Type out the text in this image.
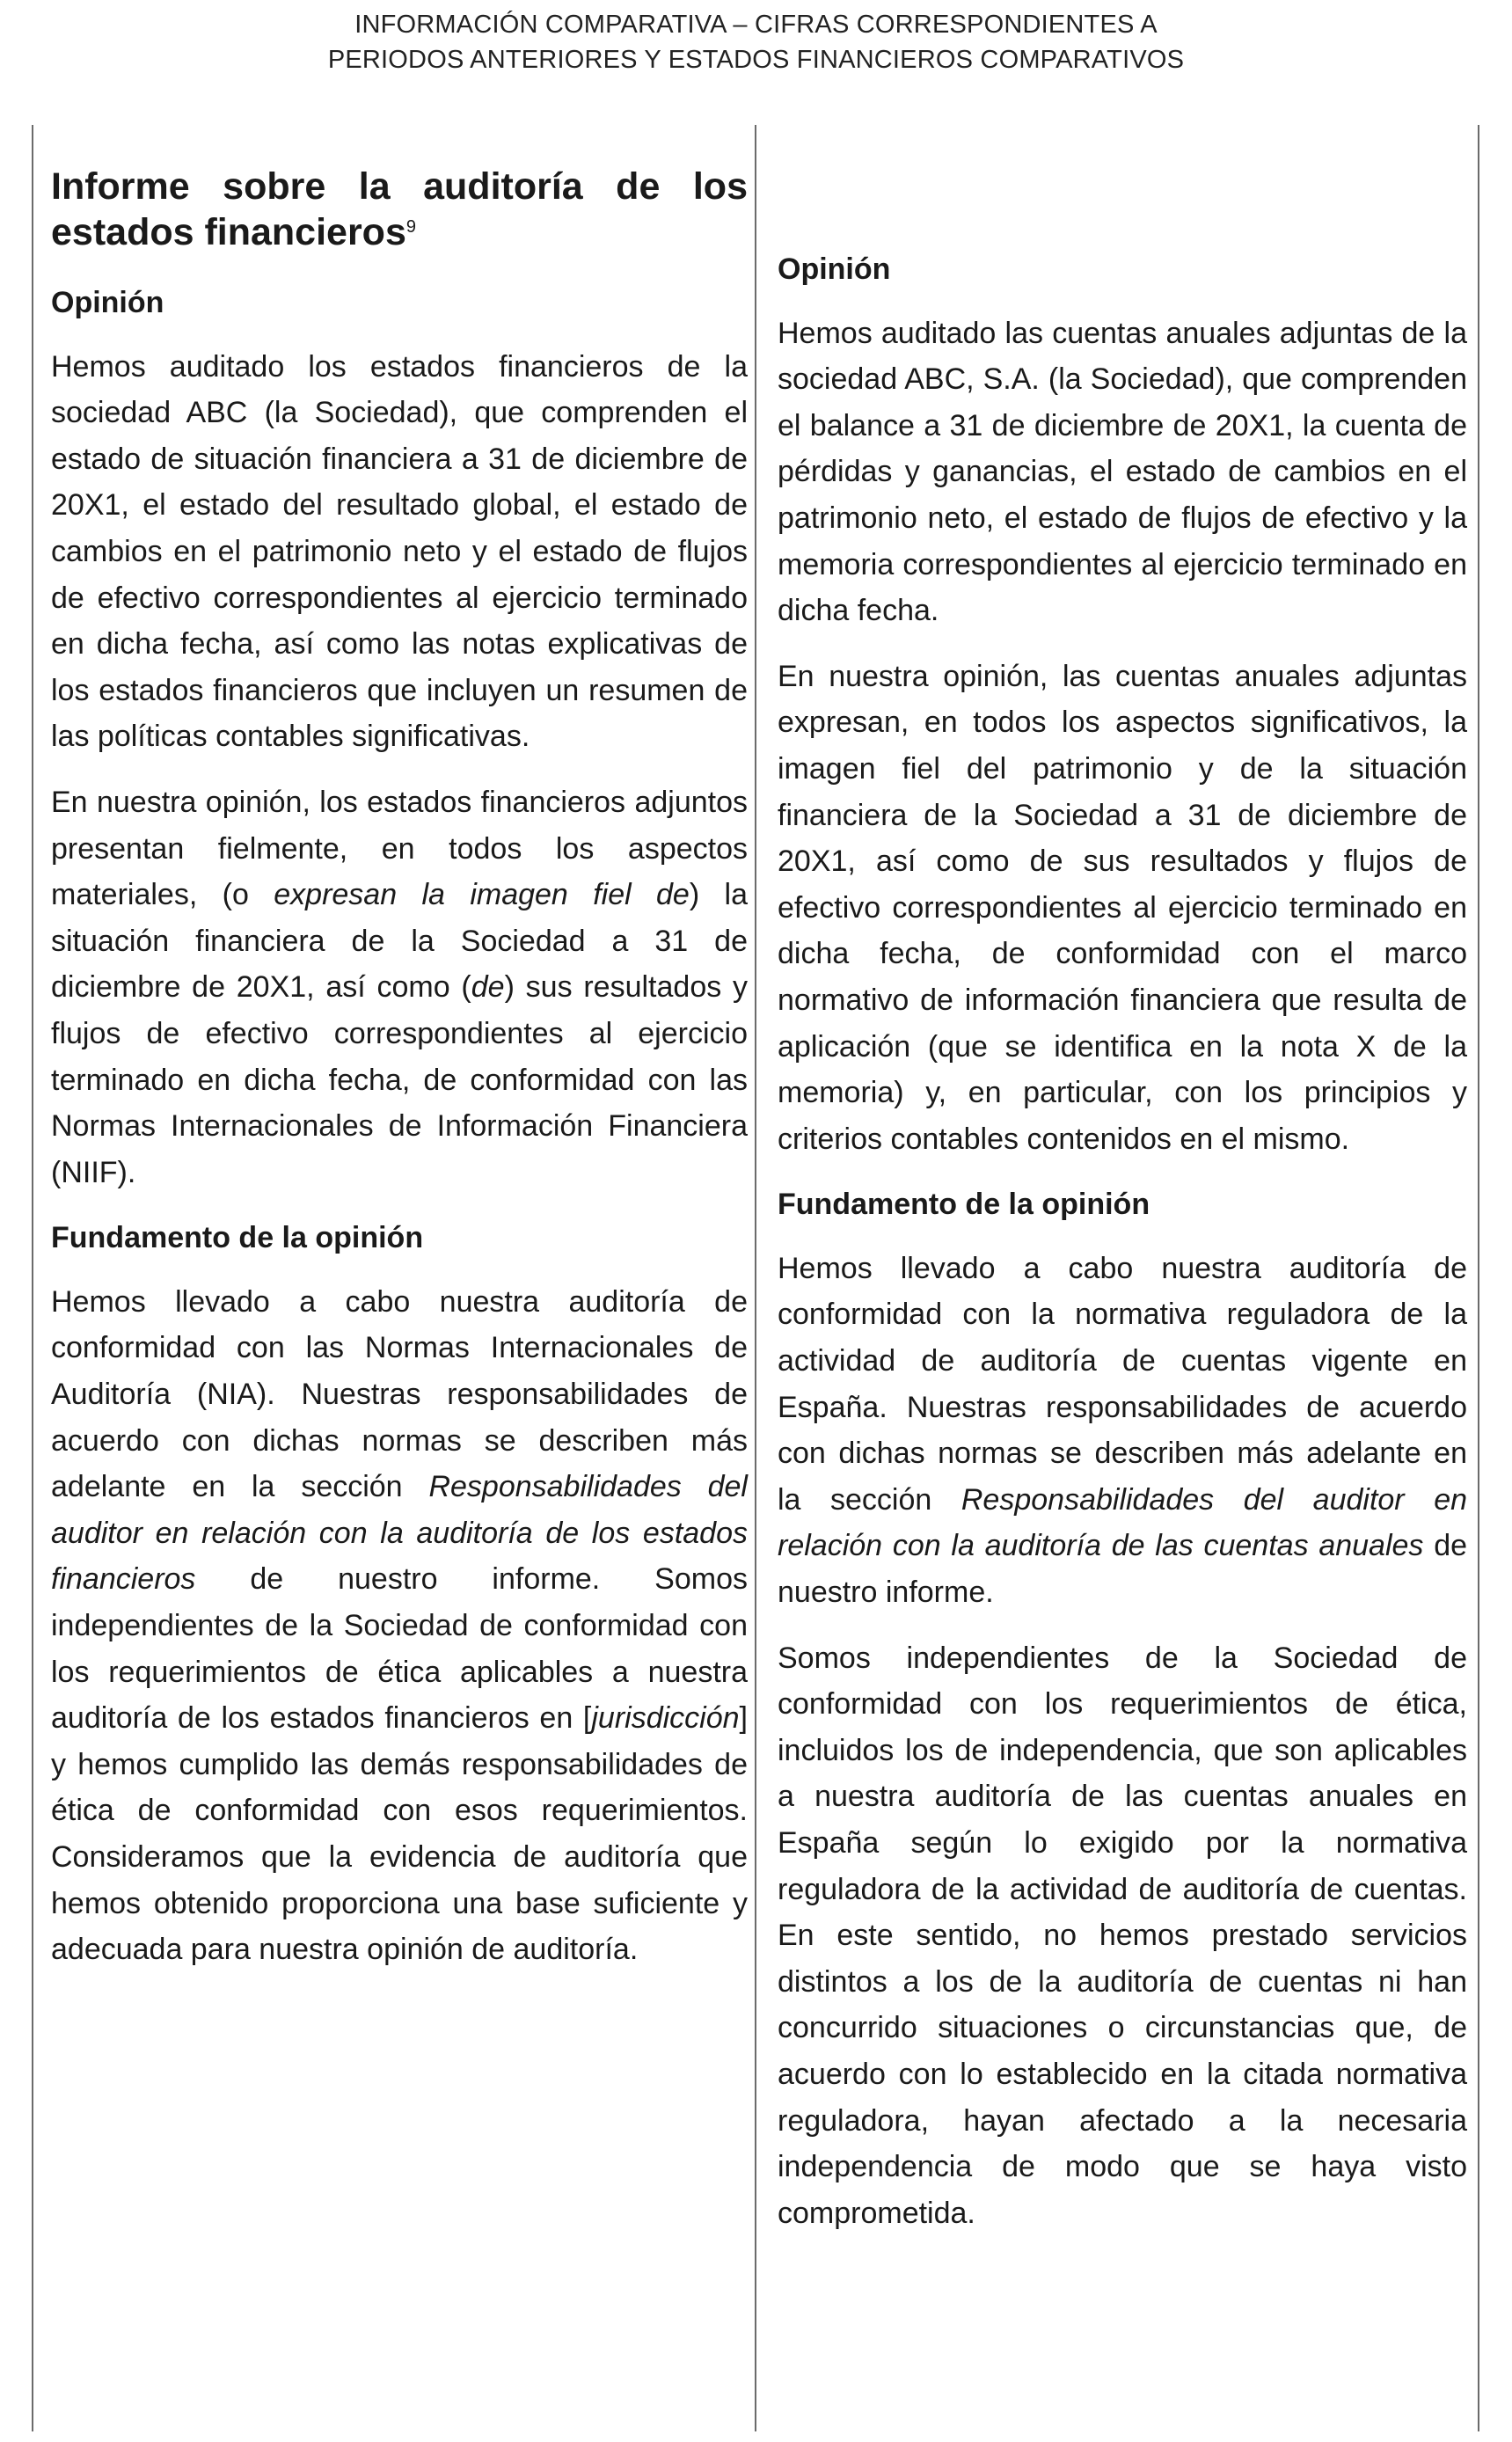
INFORMACIÓN COMPARATIVA – CIFRAS CORRESPONDIENTES A
PERIODOS ANTERIORES Y ESTADOS FINANCIEROS COMPARATIVOS
Informe sobre la auditoría de los estados financieros$^9$
Opinión

Hemos auditado los estados financieros de la sociedad ABC (la Sociedad), que comprenden el estado de situación financiera a 31 de diciembre de 20X1, el estado del resultado global, el estado de cambios en el patrimonio neto y el estado de flujos de efectivo correspondientes al ejercicio terminado en dicha fecha, así como las notas explicativas de los estados financieros que incluyen un resumen de las políticas contables significativas.

En nuestra opinión, los estados financieros adjuntos presentan fielmente, en todos los aspectos materiales, (o expresan la imagen fiel de) la situación financiera de la Sociedad a 31 de diciembre de 20X1, así como (de) sus resultados y flujos de efectivo correspondientes al ejercicio terminado en dicha fecha, de conformidad con las Normas Internacionales de Información Financiera (NIIF).

Fundamento de la opinión

Hemos llevado a cabo nuestra auditoría de conformidad con las Normas Internacionales de Auditoría (NIA). Nuestras responsabilidades de acuerdo con dichas normas se describen más adelante en la sección Responsabilidades del auditor en relación con la auditoría de los estados financieros de nuestro informe. Somos independientes de la Sociedad de conformidad con los requerimientos de ética aplicables a nuestra auditoría de los estados financieros en [jurisdicción] y hemos cumplido las demás responsabilidades de ética de conformidad con esos requerimientos. Consideramos que la evidencia de auditoría que hemos obtenido proporciona una base suficiente y adecuada para nuestra opinión de auditoría.

Opinión

Hemos auditado las cuentas anuales adjuntas de la sociedad ABC, S.A. (la Sociedad), que comprenden el balance a 31 de diciembre de 20X1, la cuenta de pérdidas y ganancias, el estado de cambios en el patrimonio neto, el estado de flujos de efectivo y la memoria correspondientes al ejercicio terminado en dicha fecha.

En nuestra opinión, las cuentas anuales adjuntas expresan, en todos los aspectos significativos, la imagen fiel del patrimonio y de la situación financiera de la Sociedad a 31 de diciembre de 20X1, así como de sus resultados y flujos de efectivo correspondientes al ejercicio terminado en dicha fecha, de conformidad con el marco normativo de información financiera que resulta de aplicación (que se identifica en la nota X de la memoria) y, en particular, con los principios y criterios contables contenidos en el mismo.

Fundamento de la opinión

Hemos llevado a cabo nuestra auditoría de conformidad con la normativa reguladora de la actividad de auditoría de cuentas vigente en España. Nuestras responsabilidades de acuerdo con dichas normas se describen más adelante en la sección Responsabilidades del auditor en relación con la auditoría de las cuentas anuales de nuestro informe.

Somos independientes de la Sociedad de conformidad con los requerimientos de ética, incluidos los de independencia, que son aplicables a nuestra auditoría de las cuentas anuales en España según lo exigido por la normativa reguladora de la actividad de auditoría de cuentas. En este sentido, no hemos prestado servicios distintos a los de la auditoría de cuentas ni han concurrido situaciones o circunstancias que, de acuerdo con lo establecido en la citada normativa reguladora, hayan afectado a la necesaria independencia de modo que se haya visto comprometida.
